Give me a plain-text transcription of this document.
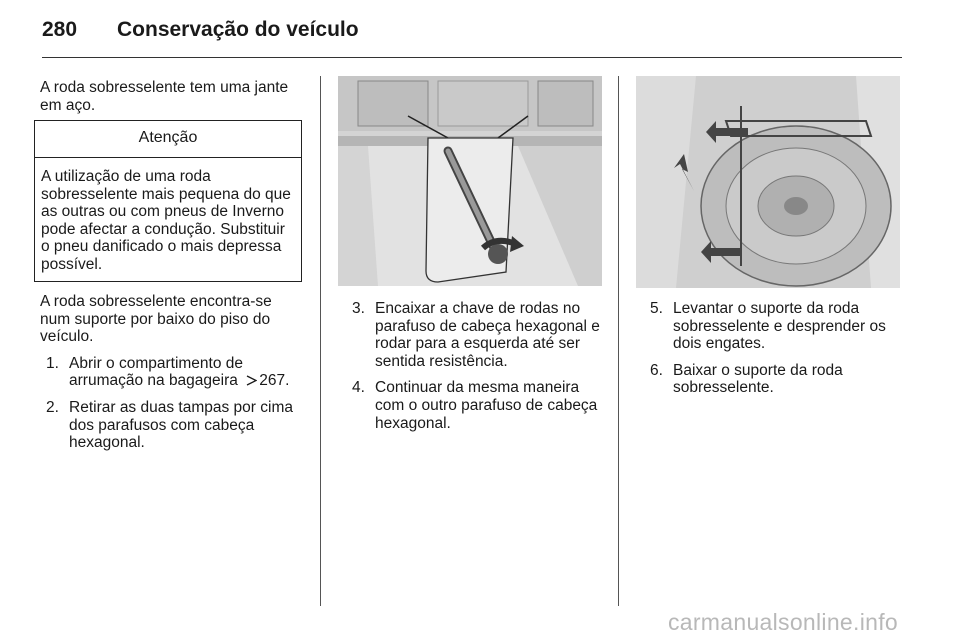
280 Conservação do veículo

A roda sobresselente tem uma jante em aço.

Atenção
A utilização de uma roda sobresselente mais pequena do que as outras ou com pneus de Inverno pode afectar a condução. Substituir o pneu danificado o mais depressa possível.

A roda sobresselente encontra-se num suporte por baixo do piso do veículo.

1. Abrir o compartimento de arrumação na bagageira 267.
2. Retirar as duas tampas por cima dos parafusos com cabeça hexagonal.
3. Encaixar a chave de rodas no parafuso de cabeça hexagonal e rodar para a esquerda até ser sentida resistência.
4. Continuar da mesma maneira com o outro parafuso de cabeça hexagonal.
5. Levantar o suporte da roda sobresselente e desprender os dois engates.
6. Baixar o suporte da roda sobresselente.
carmanualsonline.info
